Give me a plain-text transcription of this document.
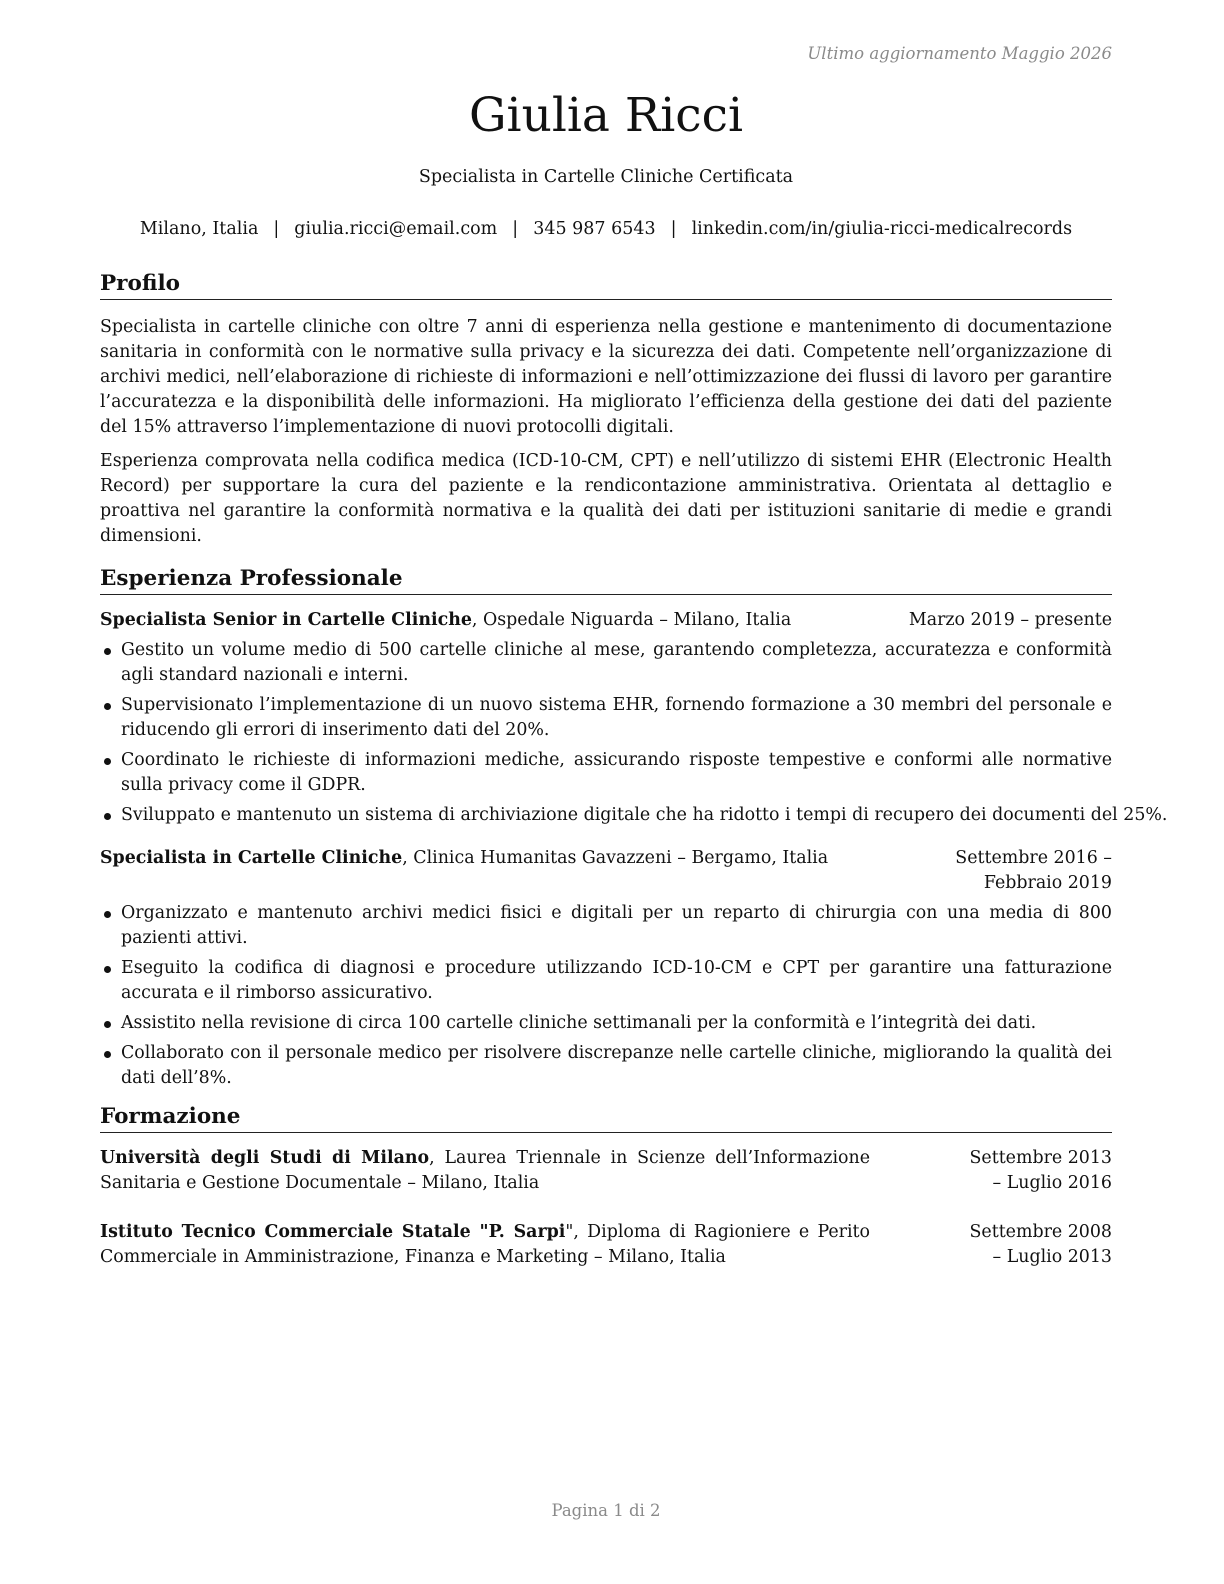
Ultimo aggiornamento Maggio 2026
Giulia Ricci
Specialista in Cartelle Cliniche Certificata
Milano, Italia | giulia.ricci@email.com | 345 987 6543 | linkedin.com/in/giulia-ricci-medicalrecords
Profilo

Specialista in cartelle cliniche con oltre 7 anni di esperienza nella gestione e mantenimento di documentazione sanitaria in conformità con le normative sulla privacy e la sicurezza dei dati. Competente nell’organizzazione di archivi medici, nell’elaborazione di richieste di informazioni e nell’ottimizzazione dei flussi di lavoro per garantire l’accuratezza e la disponibilità delle informazioni. Ha migliorato l’efficienza della gestione dei dati del paziente del 15% attraverso l’implementazione di nuovi protocolli digitali.

Esperienza comprovata nella codifica medica (ICD-10-CM, CPT) e nell’utilizzo di sistemi EHR (Electronic Health Record) per supportare la cura del paziente e la rendicontazione amministrativa. Orientata al dettaglio e proattiva nel garantire la conformità normativa e la qualità dei dati per istituzioni sanitarie di medie e grandi dimensioni.

Esperienza Professionale
Specialista Senior in Cartelle Cliniche, Ospedale Niguarda – Milano, Italia	Marzo 2019 – presente
Gestito un volume medio di 500 cartelle cliniche al mese, garantendo completezza, accuratezza e conformità agli standard nazionali e interni.
Supervisionato l’implementazione di un nuovo sistema EHR, fornendo formazione a 30 membri del personale e riducendo gli errori di inserimento dati del 20%.
Coordinato le richieste di informazioni mediche, assicurando risposte tempestive e conformi alle normative sulla privacy come il GDPR.
Sviluppato e mantenuto un sistema di archiviazione digitale che ha ridotto i tempi di recupero dei documenti del 25%.
Specialista in Cartelle Cliniche, Clinica Humanitas Gavazzeni – Bergamo, Italia	Settembre 2016 – Febbraio 2019
Organizzato e mantenuto archivi medici fisici e digitali per un reparto di chirurgia con una media di 800 pazienti attivi.
Eseguito la codifica di diagnosi e procedure utilizzando ICD-10-CM e CPT per garantire una fatturazione accurata e il rimborso assicurativo.
Assistito nella revisione di circa 100 cartelle cliniche settimanali per la conformità e l’integrità dei dati.
Collaborato con il personale medico per risolvere discrepanze nelle cartelle cliniche, migliorando la qualità dei dati dell’8%.
Formazione
Università degli Studi di Milano, Laurea Triennale in Scienze dell’Informazione Sanitaria e Gestione Documentale – Milano, Italia
Settembre 2013 – Luglio 2016
Istituto Tecnico Commerciale Statale "P. Sarpi", Diploma di Ragioniere e Perito Commerciale in Amministrazione, Finanza e Marketing – Milano, Italia
Settembre 2008 – Luglio 2013
Pagina 1 di 2
